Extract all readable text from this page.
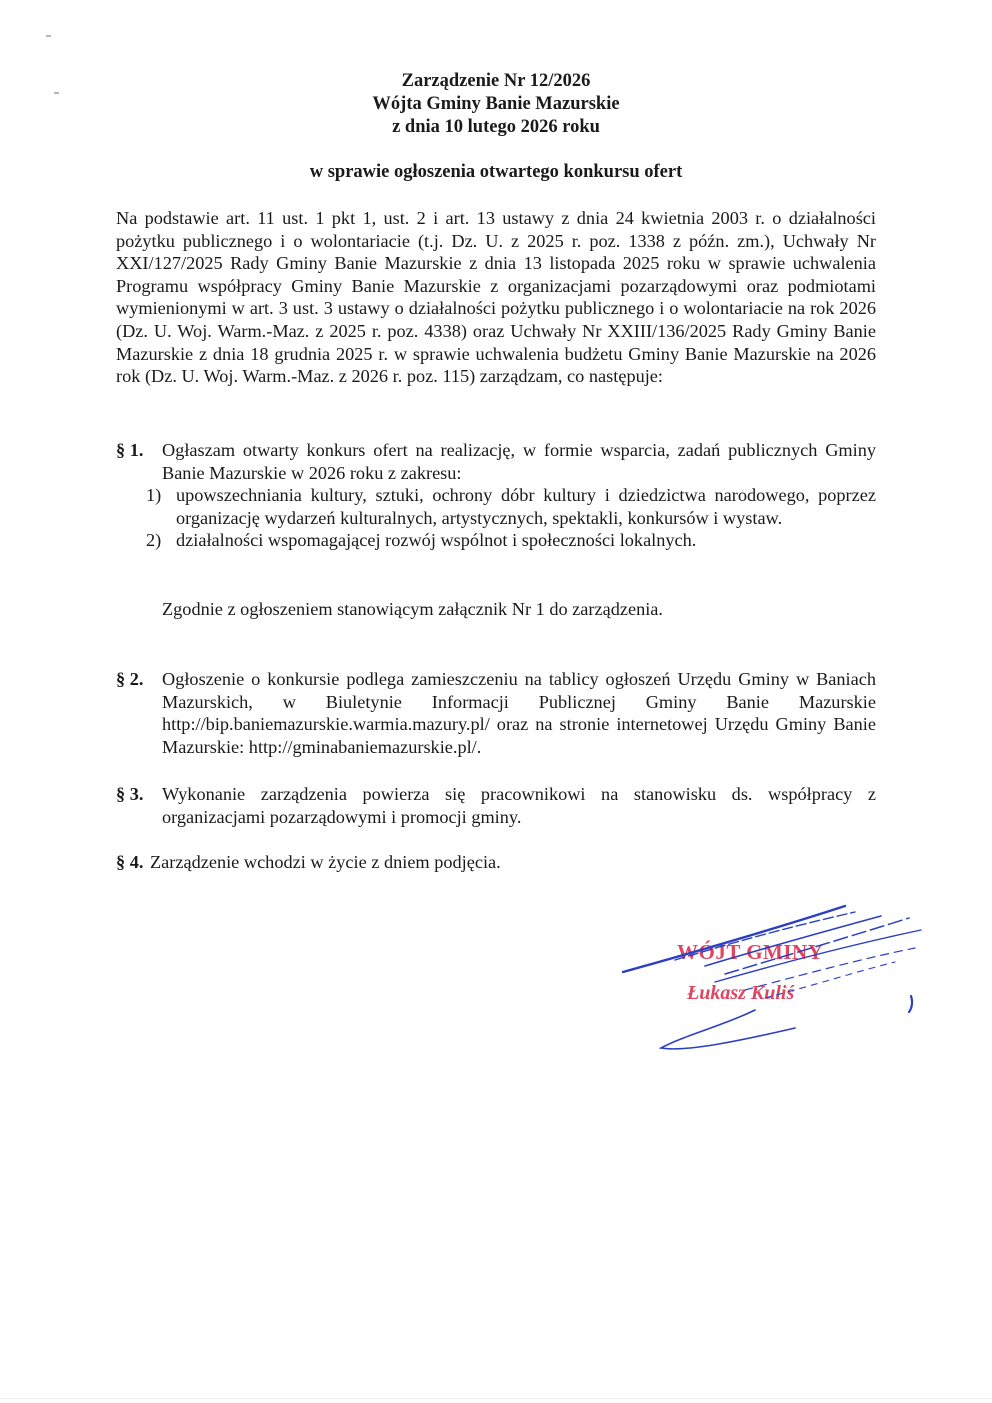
Zarządzenie Nr 12/2026
Wójta Gminy Banie Mazurskie
z dnia 10 lutego 2026 roku
w sprawie ogłoszenia otwartego konkursu ofert
Na podstawie art. 11 ust. 1 pkt 1, ust. 2 i art. 13 ustawy z dnia 24 kwietnia 2003 r. o działalności pożytku publicznego i o wolontariacie (t.j. Dz. U. z 2025 r. poz. 1338 z późn. zm.), Uchwały Nr XXI/127/2025 Rady Gminy Banie Mazurskie z dnia 13 listopada 2025 roku w sprawie uchwalenia Programu współpracy Gminy Banie Mazurskie z organizacjami pozarządowymi oraz podmiotami wymienionymi w art. 3 ust. 3 ustawy o działalności pożytku publicznego i o wolontariacie na rok 2026 (Dz. U. Woj. Warm.-Maz. z 2025 r. poz. 4338) oraz Uchwały Nr XXIII/136/2025 Rady Gminy Banie Mazurskie z dnia 18 grudnia 2025 r. w sprawie uchwalenia budżetu Gminy Banie Mazurskie na 2026 rok (Dz. U. Woj. Warm.-Maz. z 2026 r. poz. 115) zarządzam, co następuje:
§ 1. Ogłaszam otwarty konkurs ofert na realizację, w formie wsparcia, zadań publicznych Gminy Banie Mazurskie w 2026 roku z zakresu:
1) upowszechniania kultury, sztuki, ochrony dóbr kultury i dziedzictwa narodowego, poprzez organizację wydarzeń kulturalnych, artystycznych, spektakli, konkursów i wystaw.
2) działalności wspomagającej rozwój wspólnot i społeczności lokalnych.
Zgodnie z ogłoszeniem stanowiącym załącznik Nr 1 do zarządzenia.
§ 2. Ogłoszenie o konkursie podlega zamieszczeniu na tablicy ogłoszeń Urzędu Gminy w Baniach Mazurskich, w Biuletynie Informacji Publicznej Gminy Banie Mazurskie http://bip.baniemazurskie.warmia.mazury.pl/ oraz na stronie internetowej Urzędu Gminy Banie Mazurskie: http://gminabaniemazurskie.pl/.
§ 3. Wykonanie zarządzenia powierza się pracownikowi na stanowisku ds. współpracy z organizacjami pozarządowymi i promocji gminy.
§ 4. Zarządzenie wchodzi w życie z dniem podjęcia.
WÓJT GMINY
Łukasz Kuliś
